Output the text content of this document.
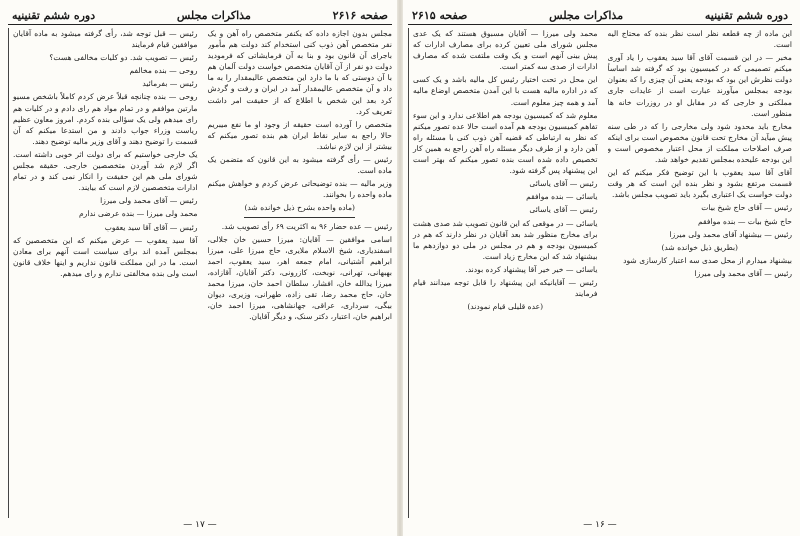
صفحه ۲۶۱۶
مذاکرات مجلس
دوره ششم تقنینیه

مجلس بدون اجازه داده که یکنفر متخصص راه آهن و یک نفر متخصص آهن ذوب کنی استخدام کند دولت هم مأمور باجرای آن قانون بود و بنا به آن فرمایشاتی که فرمودید دولت دو نفر از آن آقایان متخصص خواست دولت آلمان هم با آن دوستی که با ما دارد این متخصص عالیمقدار را به ما داد و آن متخصص عالیمقدار آمد در ایران و رفت و گردش کرد بعد این شخص با اطلاع که از حقیقت امر داشت تعریف کرد.

متخصص را آورده است حقیقه از وجود او ما نفع میبریم حالا راجع به سایر نقاط ایران هم بنده تصور میکنم که بیشتر از این لازم نباشد.

رئیس — رأی گرفته میشود به این قانون که متضمن یک ماده است.

وزیر مالیه — بنده توضیحاتی عرض کردم و خواهش میکنم ماده واحده را بخوانند.

(ماده واحده بشرح ذیل خوانده شد)

رئیس — عده حضار ۹۶ به اکثریت ۶۹ رأی تصویب شد.

اسامی موافقین — آقایان: میرزا حسین خان جلالی، اسفندیاری، شیخ الاسلام ملایری، حاج میرزا علی، میرزا ابراهیم آشتیانی، امام جمعه اهر، سید یعقوب، احمد بهبهانی، تهرانی، نوبخت، کازرونی، دکتر آقایان، آقازاده، میرزا یدالله خان، افشار، سلطان احمد خان، میرزا محمد خان، حاج محمد رضا، تقی زاده، طهرانی، وزیری، دیوان بیگی، سرداری، عراقی، جهانشاهی، میرزا احمد خان، ابراهیم خان، اعتبار، دکتر سنک، و دیگر آقایان.

رئیس — قبل توجه شد، رأی گرفته میشود به ماده آقایان موافقین قیام فرمایند

رئیس — تصویب شد. دو کلیات مخالفی هست؟

روحی — بنده مخالفم

رئیس — بفرمائید

روحی — بنده چنانچه قبلاً عرض کردم کاملاً باشخص مسیو مارتین موافقم و در تمام مواد هم رای دادم و در کلیات هم رای میدهم ولی یک سؤالی بنده کردم. امروز معاون عظیم ریاست وزراء جواب دادند و من استدعا میکنم که آن قسمت را توضیح دهند و آقای وزیر مالیه توضیح دهند.

یک خارجی خواستیم که برای دولت اثر خوبی داشته است. اگر لازم شد آوردن متخصصین خارجی. حقیقه مجلس شورای ملی هم این حقیقت را انکار نمی کند و در تمام ادارات متخصصین لازم است که بیایند.

رئیس — آقای محمد ولی میرزا

محمد ولی میرزا — بنده عرضی ندارم

رئیس — آقای آقا سید یعقوب

آقا سید یعقوب — عرض میکنم که این متخصصین که بمجلس آمده اند برای سیاست است آنهم برای معادن است. ما در این مملکت قانون نداریم و اینها خلاف قانون است ولی بنده مخالفتی ندارم و رای میدهم.

— ۱۷ —
دوره ششم تقنینیه
مذاکرات مجلس
صفحه ۲۶۱۵

این ماده از چه قطعه نظر است نظر بنده که محتاج الیه است.

مخبر — در این قسمت آقای آقا سید یعقوب را یاد آوری میکنم تصمیمی که در کمیسیون بود که گرفته شد اساساً دولت نظرش این بود که بودجه یعنی آن چیزی را که بعنوان بودجه بمجلس میآورند عبارت است از عایدات جاری مملکتی و خارجی که در مقابل او در روزرات خانه ها منظور است.

مخارج باید محدود شود ولی مخارجی را که در طی سنه پیش میآید آن مخارج تحت قانون مخصوص است برای اینکه صرف اصلاحات مملکت از محل اعتبار مخصوص است و این بودجه علیحده بمجلس تقدیم خواهد شد.

آقای آقا سید یعقوب با این توضیح فکر میکنم که این قسمت مرتفع بشود و نظر بنده این است که هر وقت دولت خواست یک اعتباری بگیرد باید تصویب مجلس باشد.

رئیس — آقای حاج شیخ بیات

حاج شیخ بیات — بنده موافقم

رئیس — بیشنهاد آقای محمد ولی میرزا

(بطریق ذیل خوانده شد)

بیشنهاد میدارم از محل صدی سه اعتبار کارسازی شود

رئیس — آقای محمد ولی میرزا

محمد ولی میرزا — آقایان مسبوق هستند که یک عدی مجلس شورای ملی تعیین کرده برای مصارف ادارات که پیش بینی آنهم است و یک وقت ملتفت شده که مصارف ادارات از صدی سه کمتر است.

این محل در تحت اختیار رئیس کل مالیه باشد و یک کسی که در اداره مالیه هست با این آمدن متخصص اوضاع مالیه آمد و همه چیز معلوم است.

معلوم شد که کمیسیون بودجه هم اطلاعی ندارد و این سوء تفاهم کمیسیون بودجه هم آمده است حالا عده تصور میکنم که نظر به ارتباطی که قضیه آهن ذوب کنی با مسئله راه آهن دارد و از طرف دیگر مسئله راه آهن راجع به همین کار تخصیص داده شده است بنده تصور میکنم که بهتر است این پیشنهاد پس گرفته شود.

رئیس — آقای یاسائی

یاسائی — بنده موافقم

رئیس — آقای یاسائی

یاسائی — در موقعی که این قانون تصویب شد صدی هشت برای مخارج منظور شد بعد آقایان در نظر دارند که هم در کمیسیون بودجه و هم در مجلس در ملی دو دوازدهم ما بیشنهاد شد که این مخارج زیاد است.

یاسائی — خیر خیر آقا پیشنهاد کرده بودند.

رئیس — آقایانیکه این پیشنهاد را قابل توجه میدانند قیام فرمایند

(عده قلیلی قیام نمودند)

— ۱۶ —
